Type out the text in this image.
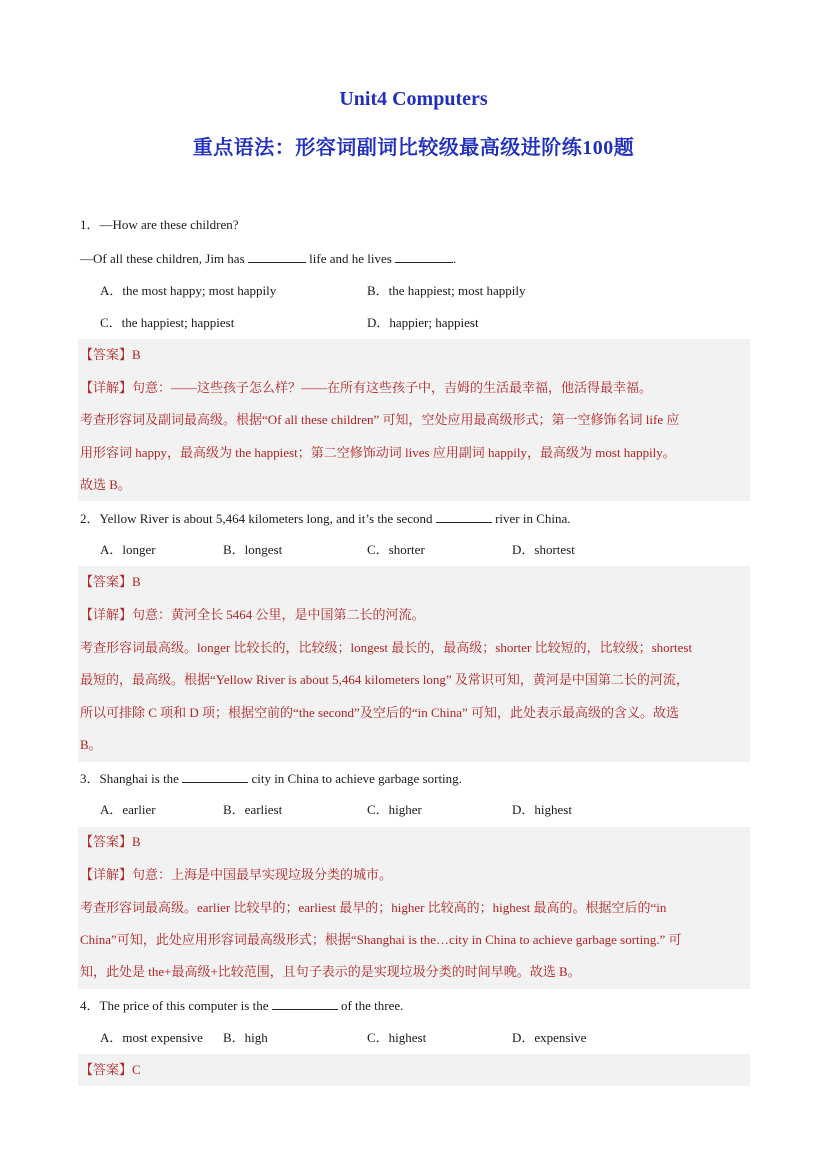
Unit4 Computers
重点语法：形容词副词比较级最高级进阶练100题
1．—How are these children?
—Of all these children, Jim has	life and he lives	.
A．the most happy; most happily	B．the happiest; most happily
C．the happiest; happiest	D．happier; happiest
【答案】B
【详解】句意：——这些孩子怎么样？——在所有这些孩子中，吉姆的生活最幸福，他活得最幸福。
考查形容词及副词最高级。根据“Of all these children” 可知，空处应用最高级形式；第一空修饰名词 life 应
用形容词 happy，最高级为 the happiest；第二空修饰动词 lives 应用副词 happily，最高级为 most happily。
故选 B。
2．Yellow River is about 5,464 kilometers long, and it’s the second	river in China.
A．longer	B．longest	C．shorter	D．shortest
【答案】B
【详解】句意：黄河全长 5464 公里，是中国第二长的河流。
考查形容词最高级。longer 比较长的，比较级；longest 最长的，最高级；shorter 比较短的，比较级；shortest
最短的，最高级。根据“Yellow River is about 5,464 kilometers long” 及常识可知，黄河是中国第二长的河流，
所以可排除 C 项和 D 项；根据空前的“the second”及空后的“in China” 可知，此处表示最高级的含义。故选
B。
3．Shanghai is the	city in China to achieve garbage sorting.
A．earlier	B．earliest	C．higher	D．highest
【答案】B
【详解】句意：上海是中国最早实现垃圾分类的城市。
考查形容词最高级。earlier 比较早的；earliest 最早的；higher 比较高的；highest 最高的。根据空后的“in
China”可知，此处应用形容词最高级形式；根据“Shanghai is the…city in China to achieve garbage sorting.” 可
知，此处是 the+最高级+比较范围，且句子表示的是实现垃圾分类的时间早晚。故选 B。
4．The price of this computer is the	of the three.
A．most expensive B．high	C．highest	D．expensive
【答案】C
